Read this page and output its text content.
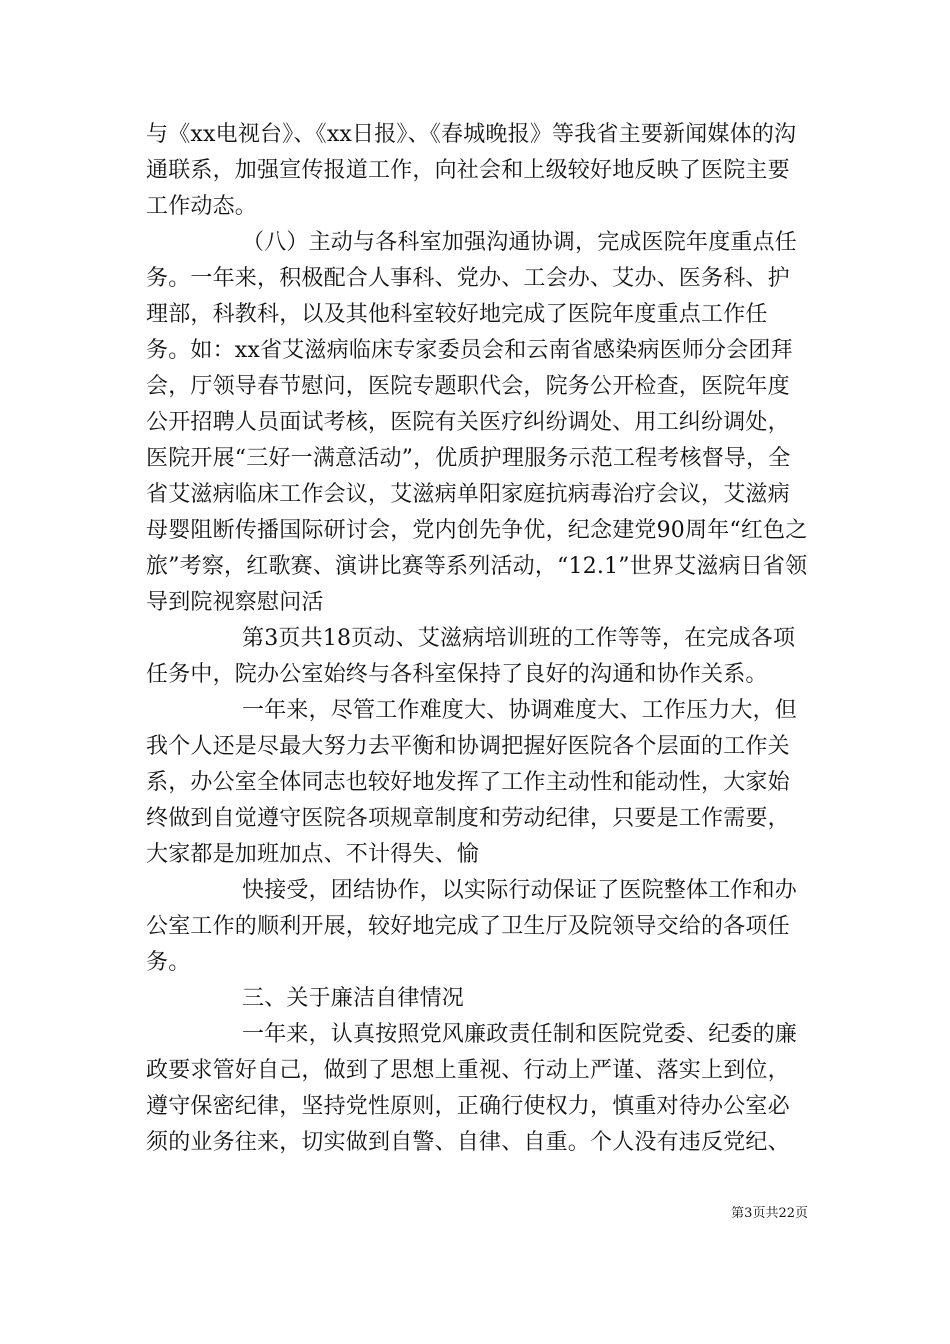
与《xx电视台》、《xx日报》、《春城晚报》等我省主要新闻媒体的沟通联系，加强宣传报道工作，向社会和上级较好地反映了医院主要工作动态。

（八）主动与各科室加强沟通协调，完成医院年度重点任务。一年来，积极配合人事科、党办、工会办、艾办、医务科、护理部，科教科，以及其他科室较好地完成了医院年度重点工作任务。如：xx省艾滋病临床专家委员会和云南省感染病医师分会团拜会，厅领导春节慰问，医院专题职代会，院务公开检查，医院年度公开招聘人员面试考核，医院有关医疗纠纷调处、用工纠纷调处，医院开展“三好一满意活动”，优质护理服务示范工程考核督导，全省艾滋病临床工作会议，艾滋病单阳家庭抗病毒治疗会议，艾滋病母婴阻断传播国际研讨会，党内创先争优，纪念建党90周年“红色之旅”考察，红歌赛、演讲比赛等系列活动，“12.1”世界艾滋病日省领导到院视察慰问活

第3页共18页动、艾滋病培训班的工作等等，在完成各项任务中，院办公室始终与各科室保持了良好的沟通和协作关系。

一年来，尽管工作难度大、协调难度大、工作压力大，但我个人还是尽最大努力去平衡和协调把握好医院各个层面的工作关系，办公室全体同志也较好地发挥了工作主动性和能动性，大家始终做到自觉遵守医院各项规章制度和劳动纪律，只要是工作需要，大家都是加班加点、不计得失、愉

快接受，团结协作，以实际行动保证了医院整体工作和办公室工作的顺利开展，较好地完成了卫生厅及院领导交给的各项任务。

三、关于廉洁自律情况

一年来，认真按照党风廉政责任制和医院党委、纪委的廉政要求管好自己，做到了思想上重视、行动上严谨、落实上到位，遵守保密纪律，坚持党性原则，正确行使权力，慎重对待办公室必须的业务往来，切实做到自警、自律、自重。个人没有违反党纪、

第3页共22页
